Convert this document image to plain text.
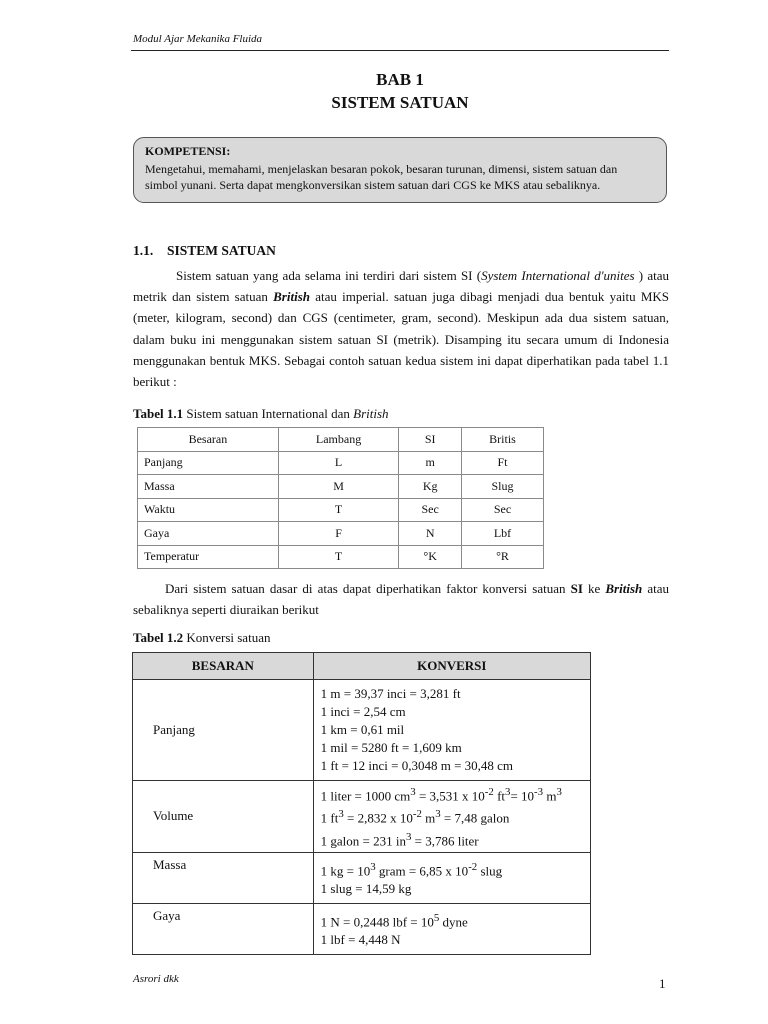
Modul Ajar Mekanika Fluida
BAB 1
SISTEM SATUAN
KOMPETENSI:
Mengetahui, memahami, menjelaskan besaran pokok, besaran turunan, dimensi, sistem satuan dan
simbol yunani. Serta dapat mengkonversikan sistem satuan dari CGS ke MKS atau sebaliknya.
1.1. SISTEM SATUAN
Sistem satuan yang ada selama ini terdiri dari sistem SI (System International d'unites ) atau metrik dan sistem satuan British atau imperial. satuan juga dibagi menjadi dua bentuk yaitu MKS (meter, kilogram, second) dan CGS (centimeter, gram, second). Meskipun ada dua sistem satuan, dalam buku ini menggunakan sistem satuan SI (metrik). Disamping itu secara umum di Indonesia menggunakan bentuk MKS. Sebagai contoh satuan kedua sistem ini dapat diperhatikan pada tabel 1.1 berikut :
Tabel 1.1 Sistem satuan International dan British
Besaran	Lambang	SI	Britis
Panjang	L	m	Ft
Massa	M	Kg	Slug
Waktu	T	Sec	Sec
Gaya	F	N	Lbf
Temperatur	T	°K	°R
Dari sistem satuan dasar di atas dapat diperhatikan faktor konversi satuan SI ke British atau sebaliknya seperti diuraikan berikut
Tabel 1.2 Konversi satuan
BESARAN	KONVERSI
Panjang	1 m = 39,37 inci = 3,281 ft
1 inci = 2,54 cm
1 km = 0,61 mil
1 mil = 5280 ft = 1,609 km
1 ft = 12 inci = 0,3048 m = 30,48 cm

Volume	1 liter = 1000 $cm^3 = 3,531$ x $10^{-2}$ $ft^3= 10^{-3}$ $m^3$
1 $ft^3 = 2,832$ x $10^{-2}$ $m^3 = 7,48$ galon
1 galon = 231 $in^3 = 3,786$ liter

Massa	1 kg = $10^3$ gram = 6,85 x $10^{-2}$ slug
1 slug = 14,59 kg

Gaya	1 N = 0,2448 lbf = $10^5$ dyne
1 lbf = 4,448 N
Asrori dkk	1
